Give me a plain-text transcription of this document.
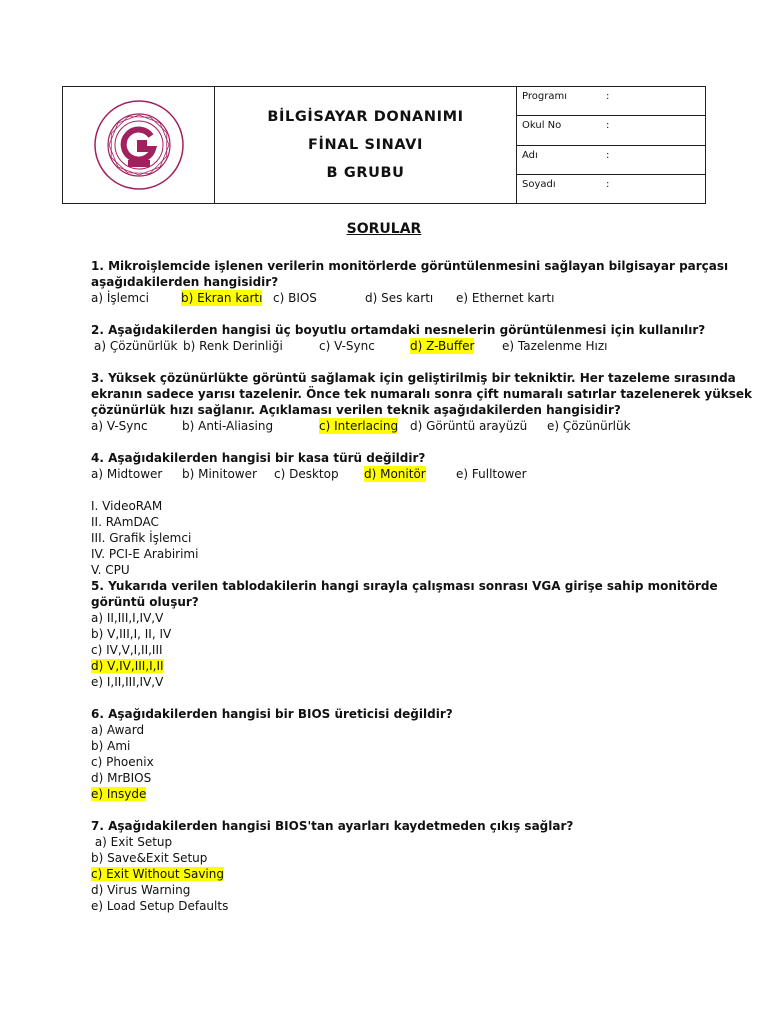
BİLGİSAYAR DONANIMI
FİNAL SINAVI
B GRUBU
Programı	:
Okul No	:
Adı	:
Soyadı	:
SORULAR
1. Mikroişlemcide işlenen verilerin monitörlerde görüntülenmesini sağlayan bilgisayar parçası
aşağıdakilerden hangisidir?
a) İşlemci	b) Ekran kartı c) BIOS	d) Ses kartı e) Ethernet kartı
2. Aşağıdakilerden hangisi üç boyutlu ortamdaki nesnelerin görüntülenmesi için kullanılır?
a) Çözünürlük b) Renk Derinliği	c) V-Sync	d) Z-Buffer e) Tazelenme Hızı
3. Yüksek çözünürlükte görüntü sağlamak için geliştirilmiş bir tekniktir. Her tazeleme sırasında
ekranın sadece yarısı tazelenir. Önce tek numaralı sonra çift numaralı satırlar tazelenerek yüksek
çözünürlük hızı sağlanır. Açıklaması verilen teknik aşağıdakilerden hangisidir?
a) V-Sync	b) Anti-Aliasing	c) Interlacing d) Görüntü arayüzü e) Çözünürlük
4. Aşağıdakilerden hangisi bir kasa türü değildir?
a) Midtower b) Minitower c) Desktop d) Monitör	e) Fulltower
I. VideoRAM
II. RAmDAC
III. Grafik İşlemci
IV. PCI-E Arabirimi
V. CPU
5. Yukarıda verilen tablodakilerin hangi sırayla çalışması sonrası VGA girişe sahip monitörde
görüntü oluşur?
a) II,III,I,IV,V
b) V,III,I, II, IV
c) IV,V,I,II,III
d) V,IV,III,I,II
e) I,II,III,IV,V
6. Aşağıdakilerden hangisi bir BIOS üreticisi değildir?
a) Award
b) Ami
c) Phoenix
d) MrBIOS
e) Insyde
7. Aşağıdakilerden hangisi BIOS'tan ayarları kaydetmeden çıkış sağlar?
a) Exit Setup
b) Save&Exit Setup
c) Exit Without Saving
d) Virus Warning
e) Load Setup Defaults
